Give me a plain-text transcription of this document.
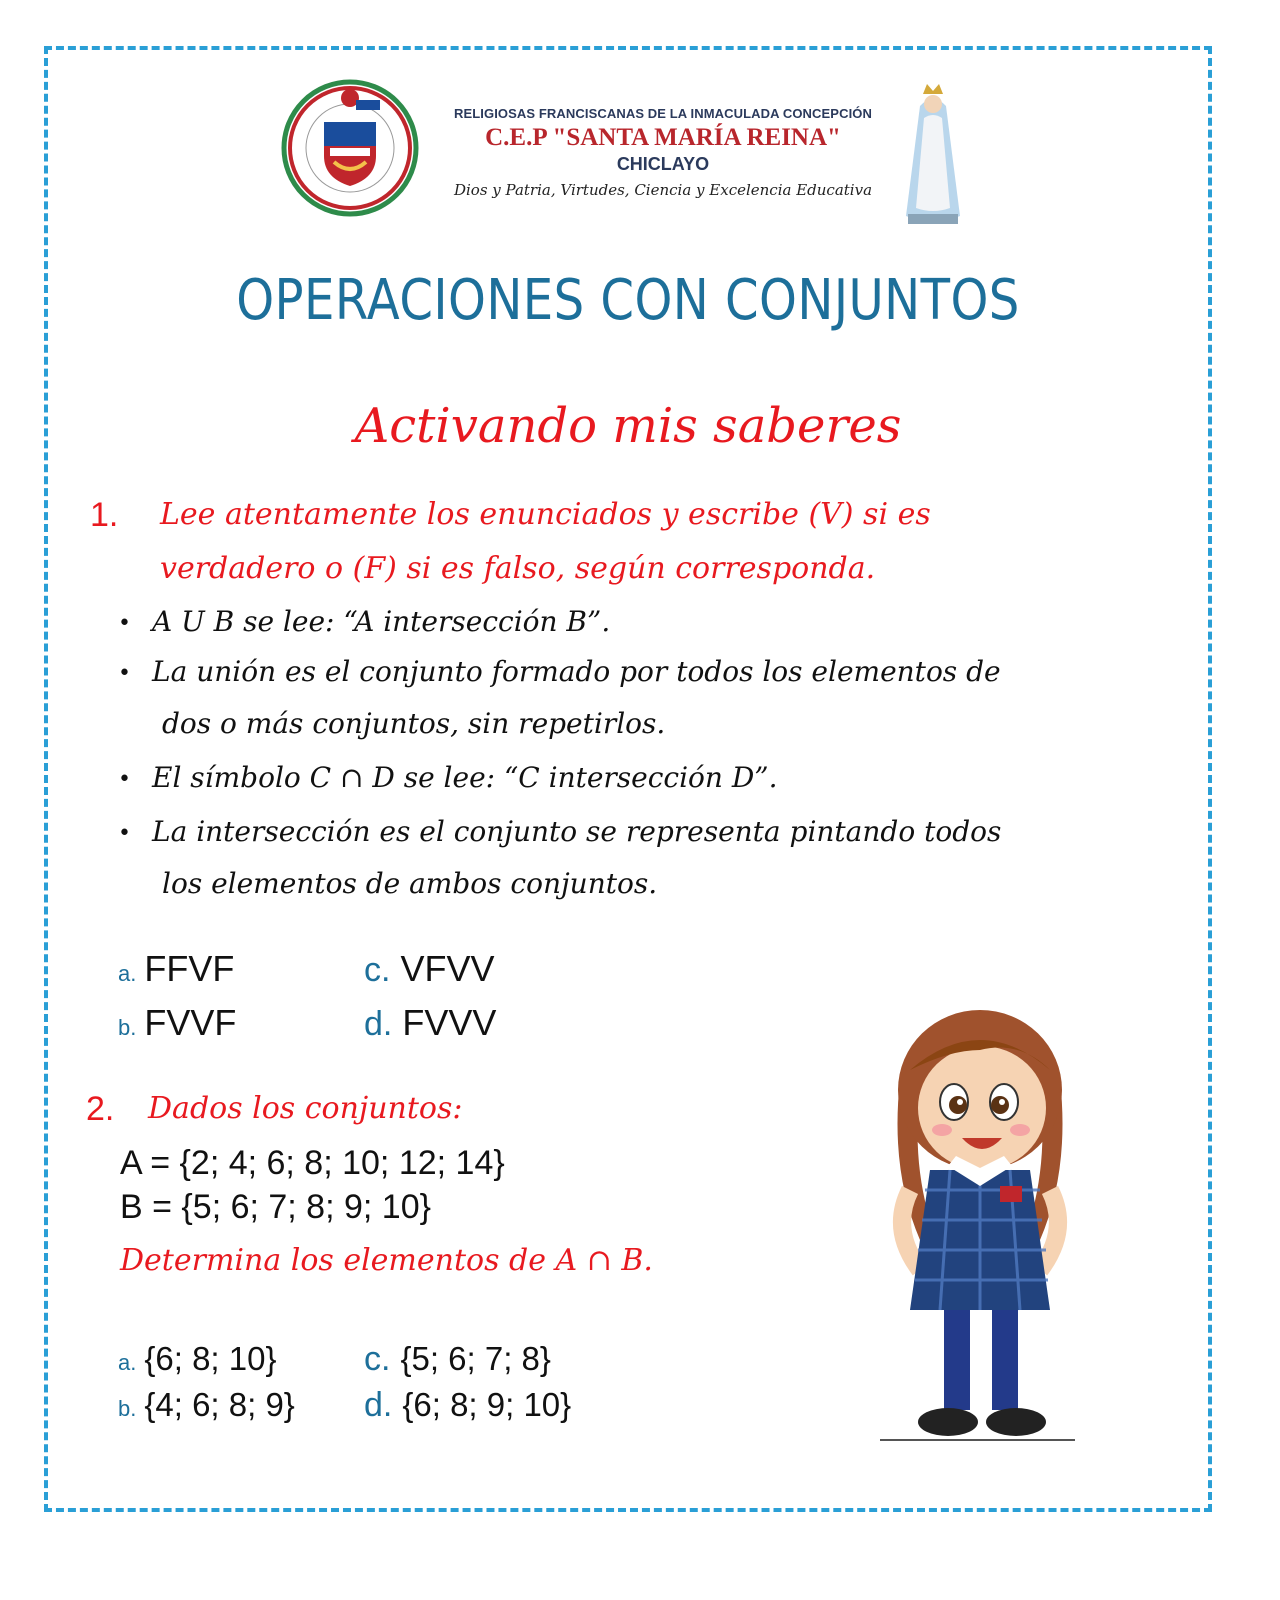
RELIGIOSAS FRANCISCANAS DE LA INMACULADA CONCEPCIÓN
C.E.P "SANTA MARÍA REINA"
CHICLAYO
Dios y Patria, Virtudes, Ciencia y Excelencia Educativa
OPERACIONES CON CONJUNTOS
Activando mis saberes
1. Lee atentamente los enunciados y escribe (V) si es
verdadero o (F) si es falso, según corresponda.
• A U B se lee: “A intersección B”.
• La unión es el conjunto formado por todos los elementos de
dos o más conjuntos, sin repetirlos.
• El símbolo C ∩ D se lee: “C intersección D”.
• La intersección es el conjunto se representa pintando todos
los elementos de ambos conjuntos.
a. FFVF
b. FVVF
c. VFVV
d. FVVV
2. Dados los conjuntos:
A = {2; 4; 6; 8; 10; 12; 14}
B = {5; 6; 7; 8; 9; 10}
Determina los elementos de A ∩ B.
a. {6; 8; 10}
b. {4; 6; 8; 9}
c. {5; 6; 7; 8}
d. {6; 8; 9; 10}
